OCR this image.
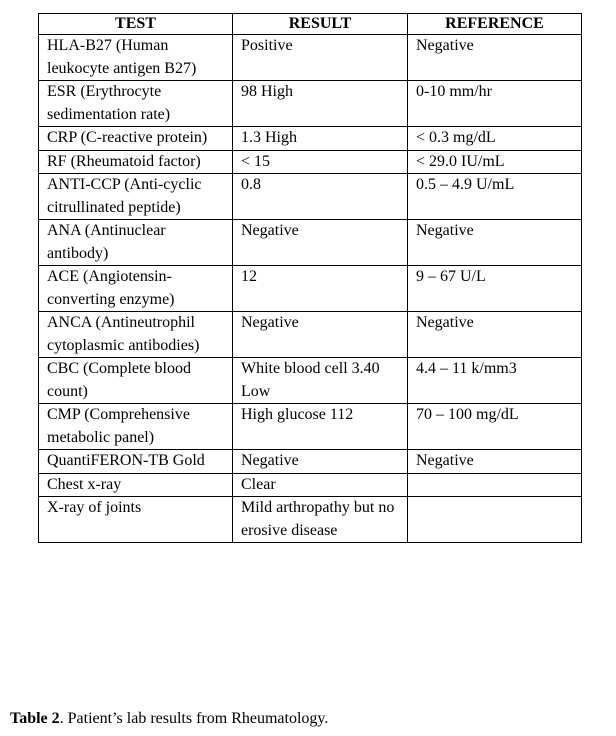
TEST	RESULT	REFERENCE
HLA-B27 (Human leukocyte antigen B27)	Positive	Negative
ESR (Erythrocyte sedimentation rate)	98 High	0-10 mm/hr
CRP (C-reactive protein)	1.3 High	< 0.3 mg/dL
RF (Rheumatoid factor)	< 15	< 29.0 IU/mL
ANTI-CCP (Anti-cyclic citrullinated peptide)	0.8	0.5 – 4.9 U/mL
ANA (Antinuclear antibody)	Negative	Negative
ACE (Angiotensin-converting enzyme)	12	9 – 67 U/L
ANCA (Antineutrophil cytoplasmic antibodies)	Negative	Negative
CBC (Complete blood count)	White blood cell 3.40 Low	4.4 – 11 k/mm3
CMP (Comprehensive metabolic panel)	High glucose 112	70 – 100 mg/dL
QuantiFERON-TB Gold	Negative	Negative
Chest x-ray	Clear	
X-ray of joints	Mild arthropathy but no erosive disease	
Table 2. Patient’s lab results from Rheumatology.
